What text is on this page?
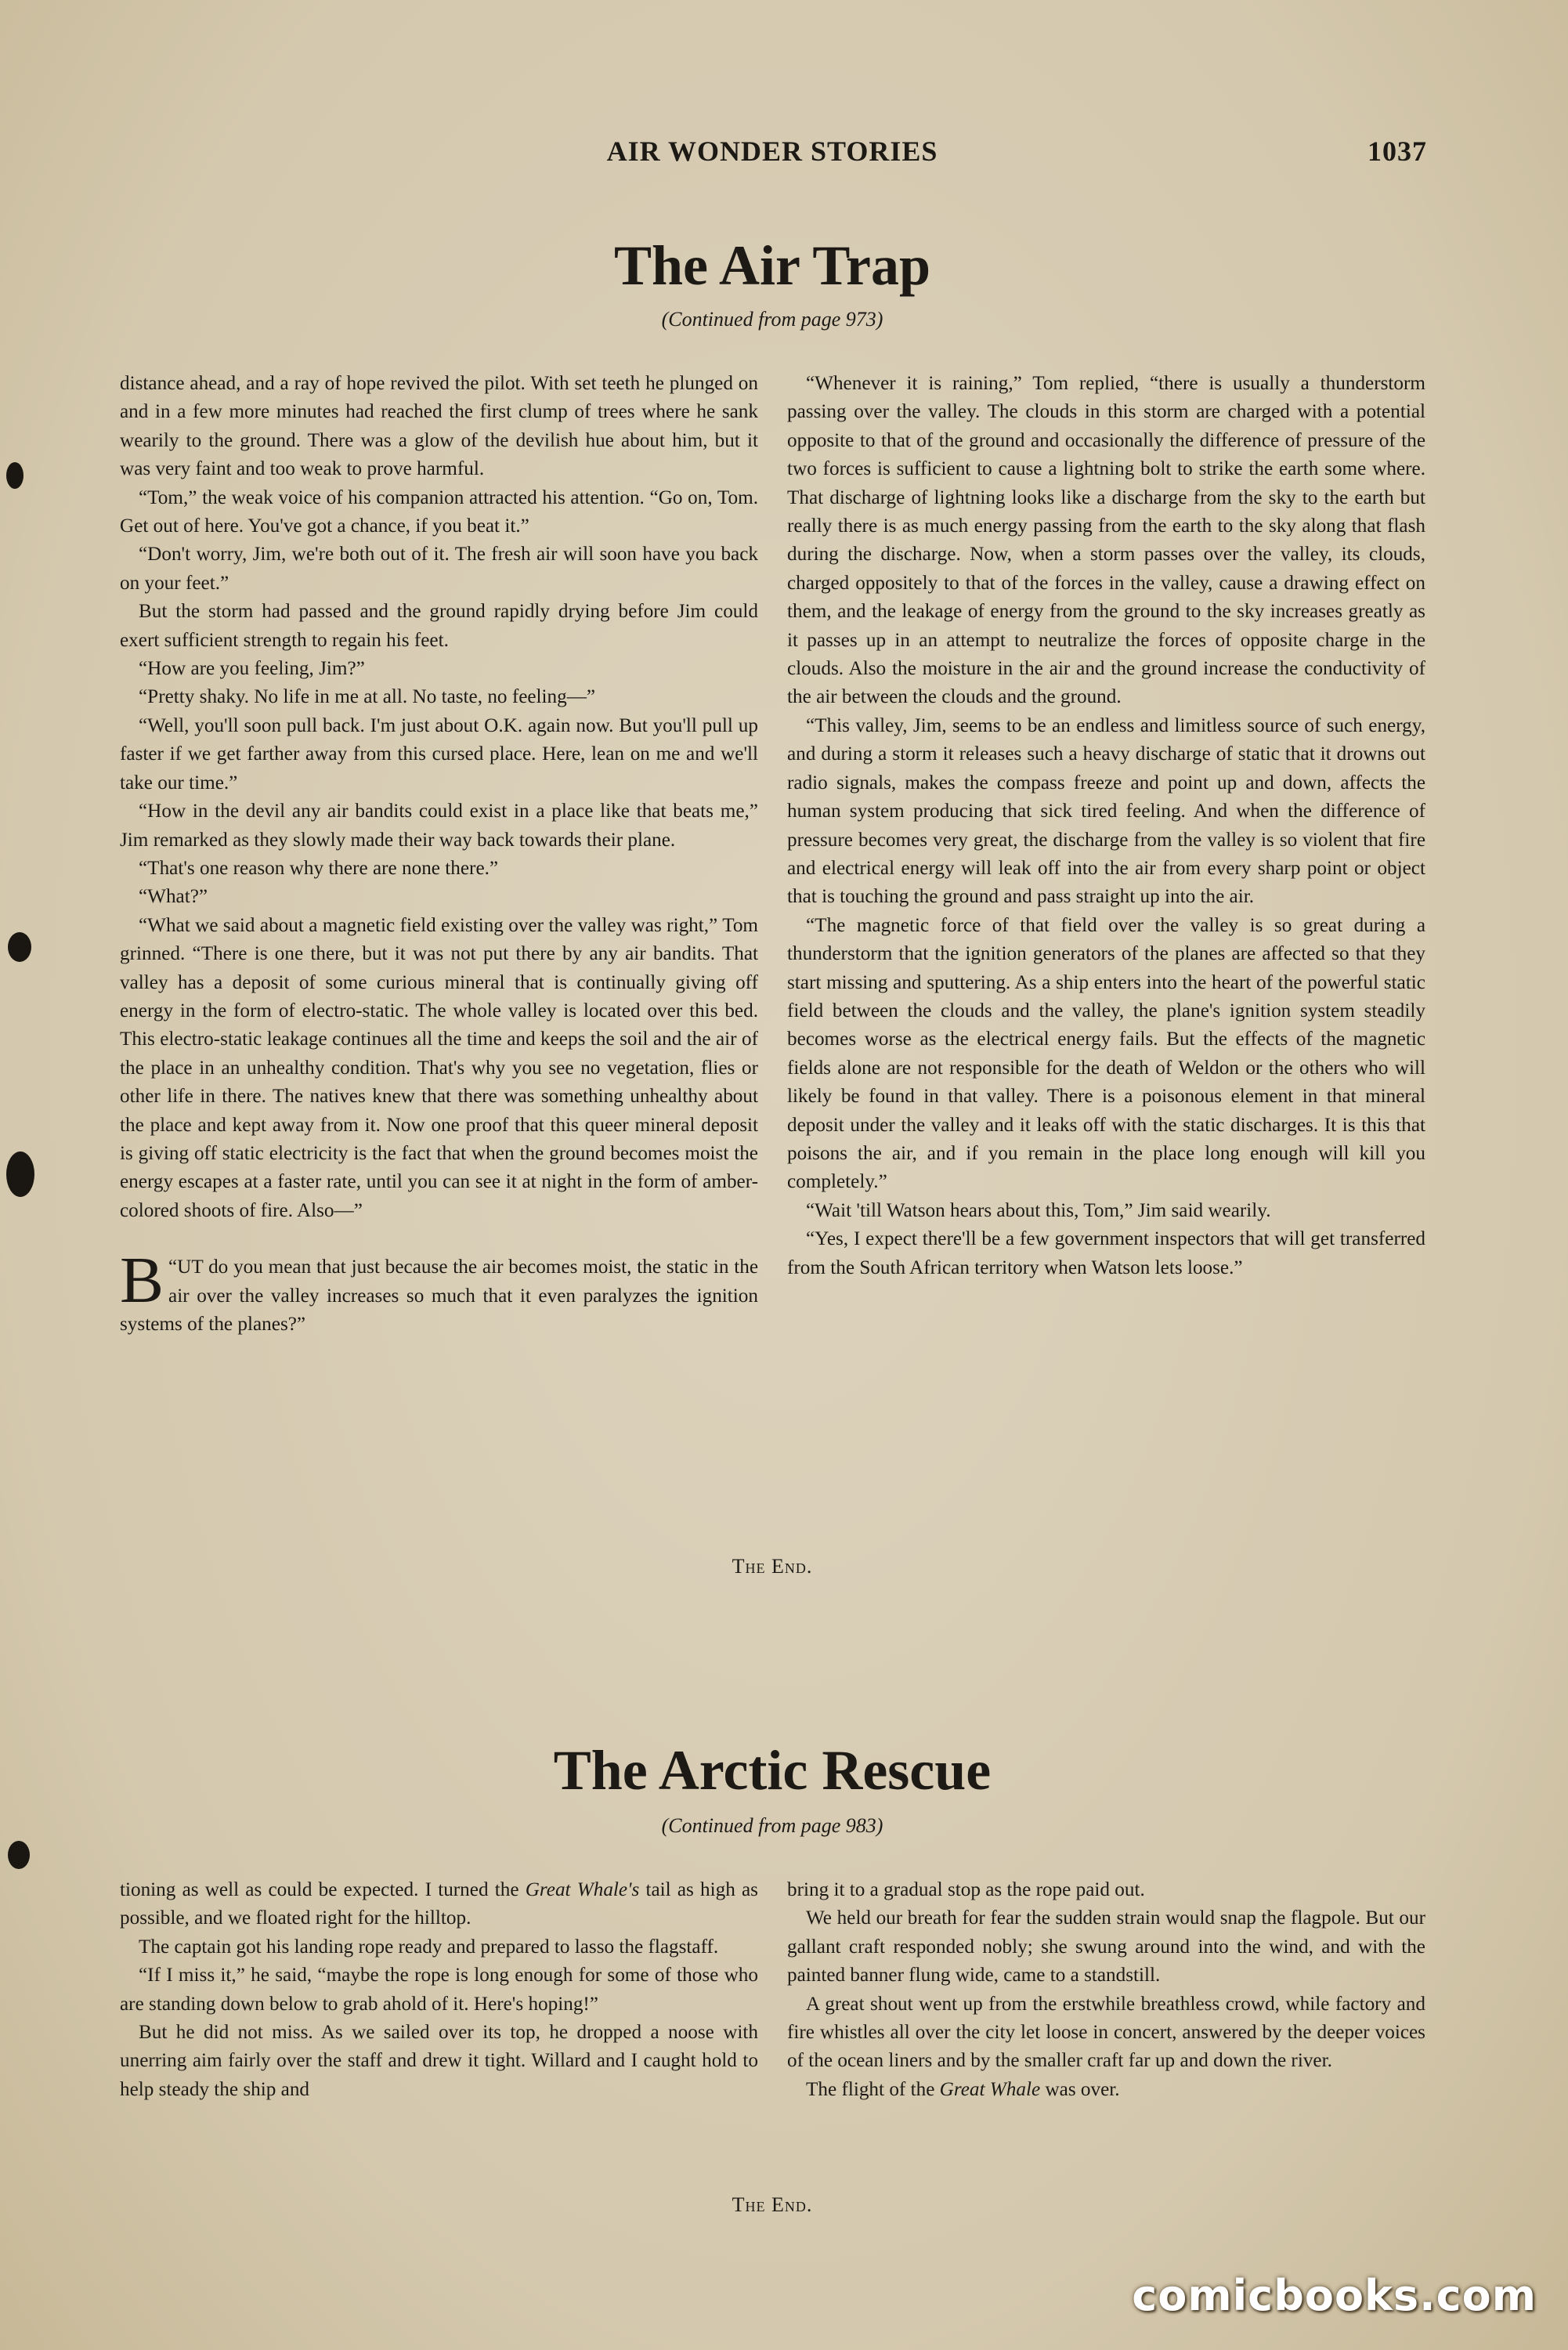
AIR WONDER STORIES	1037
The Air Trap
(Continued from page 973)

distance ahead, and a ray of hope revived the pilot. With set teeth he plunged on and in a few more minutes had reached the first clump of trees where he sank wearily to the ground. There was a glow of the devilish hue about him, but it was very faint and too weak to prove harmful.

“Tom,” the weak voice of his companion attracted his attention. “Go on, Tom. Get out of here. You've got a chance, if you beat it.”

“Don't worry, Jim, we're both out of it. The fresh air will soon have you back on your feet.”

But the storm had passed and the ground rapidly drying before Jim could exert sufficient strength to regain his feet.

“How are you feeling, Jim?”

“Pretty shaky. No life in me at all. No taste, no feeling—”

“Well, you'll soon pull back. I'm just about O.K. again now. But you'll pull up faster if we get farther away from this cursed place. Here, lean on me and we'll take our time.”

“How in the devil any air bandits could exist in a place like that beats me,” Jim remarked as they slowly made their way back towards their plane.

“That's one reason why there are none there.”

“What?”

“What we said about a magnetic field existing over the valley was right,” Tom grinned. “There is one there, but it was not put there by any air bandits. That valley has a deposit of some curious mineral that is continually giving off energy in the form of electro-static. The whole valley is located over this bed. This electro-static leakage continues all the time and keeps the soil and the air of the place in an unhealthy condition. That's why you see no vegetation, flies or other life in there. The natives knew that there was something unhealthy about the place and kept away from it. Now one proof that this queer mineral deposit is giving off static electricity is the fact that when the ground becomes moist the energy escapes at a faster rate, until you can see it at night in the form of amber-colored shoots of fire. Also—”

“
B UT do you mean that just because the air becomes moist, the static in the air over the valley increases so much that it even paralyzes the ignition systems of the planes?”

“Whenever it is raining,” Tom replied, “there is usually a thunderstorm passing over the valley. The clouds in this storm are charged with a potential opposite to that of the ground and occasionally the difference of pressure of the two forces is sufficient to cause a lightning bolt to strike the earth some where. That discharge of lightning looks like a discharge from the sky to the earth but really there is as much energy passing from the earth to the sky along that flash during the discharge. Now, when a storm passes over the valley, its clouds, charged oppositely to that of the forces in the valley, cause a drawing effect on them, and the leakage of energy from the ground to the sky increases greatly as it passes up in an attempt to neutralize the forces of opposite charge in the clouds. Also the moisture in the air and the ground increase the conductivity of the air between the clouds and the ground.

“This valley, Jim, seems to be an endless and limitless source of such energy, and during a storm it releases such a heavy discharge of static that it drowns out radio signals, makes the compass freeze and point up and down, affects the human system producing that sick tired feeling. And when the difference of pressure becomes very great, the discharge from the valley is so violent that fire and electrical energy will leak off into the air from every sharp point or object that is touching the ground and pass straight up into the air.

“The magnetic force of that field over the valley is so great during a thunderstorm that the ignition generators of the planes are affected so that they start missing and sputtering. As a ship enters into the heart of the powerful static field between the clouds and the valley, the plane's ignition system steadily becomes worse as the electrical energy fails. But the effects of the magnetic fields alone are not responsible for the death of Weldon or the others who will likely be found in that valley. There is a poisonous element in that mineral deposit under the valley and it leaks off with the static discharges. It is this that poisons the air, and if you remain in the place long enough will kill you completely.”

“Wait 'till Watson hears about this, Tom,” Jim said wearily.

“Yes, I expect there'll be a few government inspectors that will get transferred from the South African territory when Watson lets loose.”

The End.
The Arctic Rescue
(Continued from page 983)

tioning as well as could be expected. I turned the Great Whale's tail as high as possible, and we floated right for the hilltop.

The captain got his landing rope ready and prepared to lasso the flagstaff.

“If I miss it,” he said, “maybe the rope is long enough for some of those who are standing down below to grab ahold of it. Here's hoping!”

But he did not miss. As we sailed over its top, he dropped a noose with unerring aim fairly over the staff and drew it tight. Willard and I caught hold to help steady the ship and

bring it to a gradual stop as the rope paid out.

We held our breath for fear the sudden strain would snap the flagpole. But our gallant craft responded nobly; she swung around into the wind, and with the painted banner flung wide, came to a standstill.

A great shout went up from the erstwhile breathless crowd, while factory and fire whistles all over the city let loose in concert, answered by the deeper voices of the ocean liners and by the smaller craft far up and down the river.

The flight of the Great Whale was over.

The End.
comicbooks.com
